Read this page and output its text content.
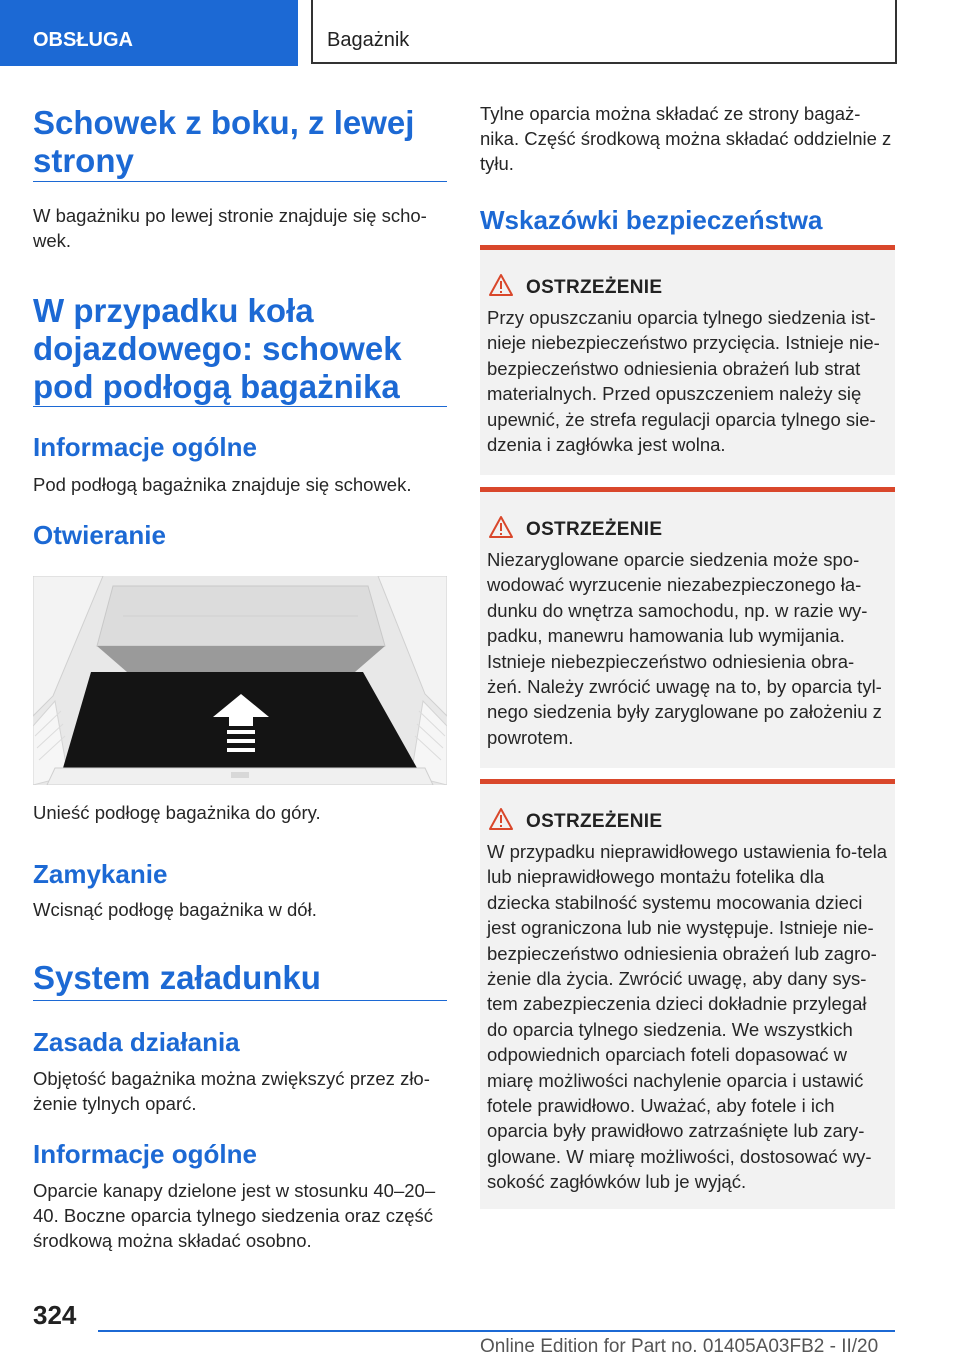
OBSŁUGA	Bagażnik
Schowek z boku, z lewej strony
W bagażniku po lewej stronie znajduje się scho-wek.
W przypadku koła dojazdowego: schowek pod podłogą bagażnika
Informacje ogólne
Pod podłogą bagażnika znajduje się schowek.
Otwieranie
Unieść podłogę bagażnika do góry.
Zamykanie
Wcisnąć podłogę bagażnika w dół.
System załadunku
Zasada działania
Objętość bagażnika można zwiększyć przez zło-żenie tylnych oparć.
Informacje ogólne
Oparcie kanapy dzielone jest w stosunku 40–20–40. Boczne oparcia tylnego siedzenia oraz część środkową można składać osobno.
Tylne oparcia można składać ze strony bagaż-nika. Część środkową można składać oddzielnie z tyłu.
Wskazówki bezpieczeństwa
OSTRZEŻENIE
Przy opuszczaniu oparcia tylnego siedzenia ist-nieje niebezpieczeństwo przycięcia. Istnieje nie-bezpieczeństwo odniesienia obrażeń lub strat materialnych. Przed opuszczeniem należy się upewnić, że strefa regulacji oparcia tylnego sie-dzenia i zagłówka jest wolna.
OSTRZEŻENIE
Niezaryglowane oparcie siedzenia może spo-wodować wyrzucenie niezabezpieczonego ła-dunku do wnętrza samochodu, np. w razie wy-padku, manewru hamowania lub wymijania. Istnieje niebezpieczeństwo odniesienia obra-żeń. Należy zwrócić uwagę na to, by oparcia tyl-nego siedzenia były zaryglowane po założeniu z powrotem.
OSTRZEŻENIE
W przypadku nieprawidłowego ustawienia fo-tela lub nieprawidłowego montażu fotelika dla dziecka stabilność systemu mocowania dzieci jest ograniczona lub nie występuje. Istnieje nie-bezpieczeństwo odniesienia obrażeń lub zagro-żenie dla życia. Zwrócić uwagę, aby dany sys-tem zabezpieczenia dzieci dokładnie przylegał do oparcia tylnego siedzenia. We wszystkich odpowiednich oparciach foteli dopasować w miarę możliwości nachylenie oparcia i ustawić fotele prawidłowo. Uważać, aby fotele i ich oparcia były prawidłowo zatrzaśnięte lub zary-glowane. W miarę możliwości, dostosować wy-sokość zagłówków lub je wyjąć.
324
Online Edition for Part no. 01405A03FB2 - II/20
